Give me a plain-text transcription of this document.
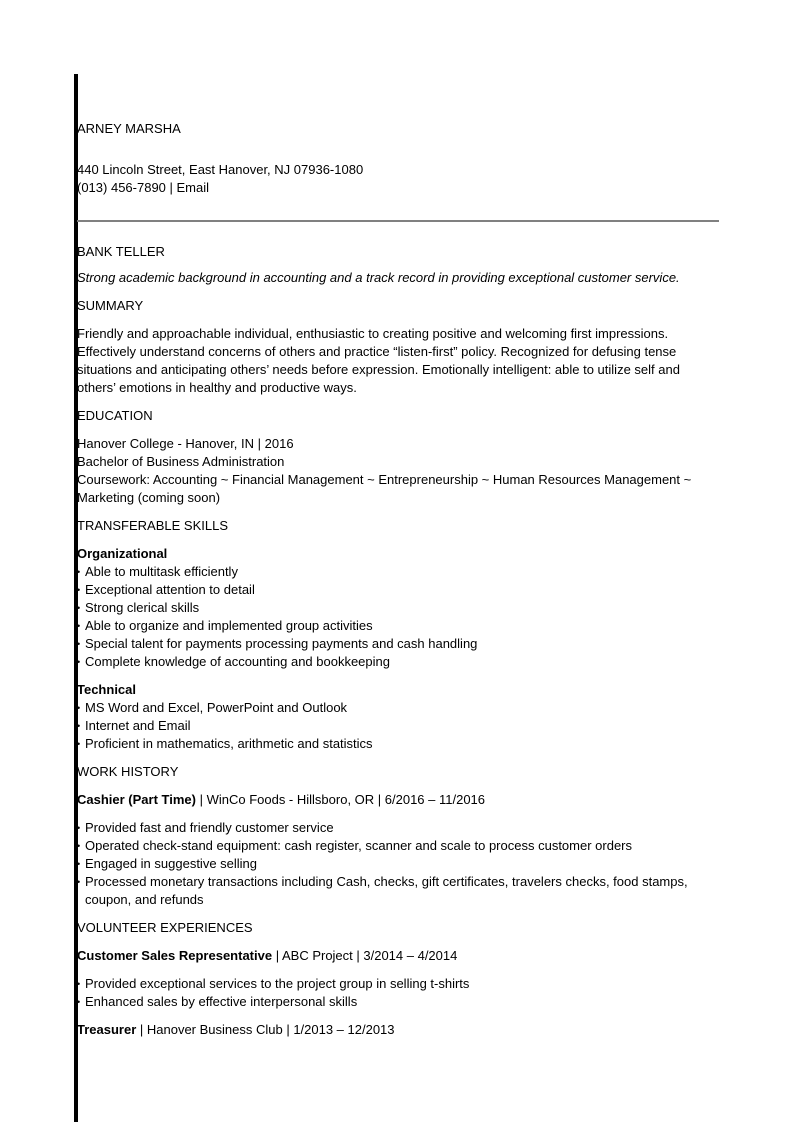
ARNEY MARSHA
440 Lincoln Street, East Hanover, NJ 07936-1080
(013) 456-7890 | Email
BANK TELLER
Strong academic background in accounting and a track record in providing exceptional customer service.
SUMMARY
Friendly and approachable individual, enthusiastic to creating positive and welcoming first impressions. Effectively understand concerns of others and practice “listen-first” policy. Recognized for defusing tense situations and anticipating others’ needs before expression. Emotionally intelligent: able to utilize self and others’ emotions in healthy and productive ways.
EDUCATION
Hanover College - Hanover, IN | 2016
Bachelor of Business Administration
Coursework: Accounting ~ Financial Management ~ Entrepreneurship ~ Human Resources Management ~ Marketing (coming soon)
TRANSFERABLE SKILLS
Organizational
• Able to multitask efficiently
• Exceptional attention to detail
• Strong clerical skills
• Able to organize and implemented group activities
• Special talent for payments processing payments and cash handling
• Complete knowledge of accounting and bookkeeping
Technical
• MS Word and Excel, PowerPoint and Outlook
• Internet and Email
• Proficient in mathematics, arithmetic and statistics
WORK HISTORY
Cashier (Part Time) | WinCo Foods - Hillsboro, OR | 6/2016 – 11/2016
• Provided fast and friendly customer service
• Operated check-stand equipment: cash register, scanner and scale to process customer orders
• Engaged in suggestive selling
• Processed monetary transactions including Cash, checks, gift certificates, travelers checks, food stamps, coupon, and refunds
VOLUNTEER EXPERIENCES
Customer Sales Representative | ABC Project | 3/2014 – 4/2014
• Provided exceptional services to the project group in selling t-shirts
• Enhanced sales by effective interpersonal skills
Treasurer | Hanover Business Club | 1/2013 – 12/2013
